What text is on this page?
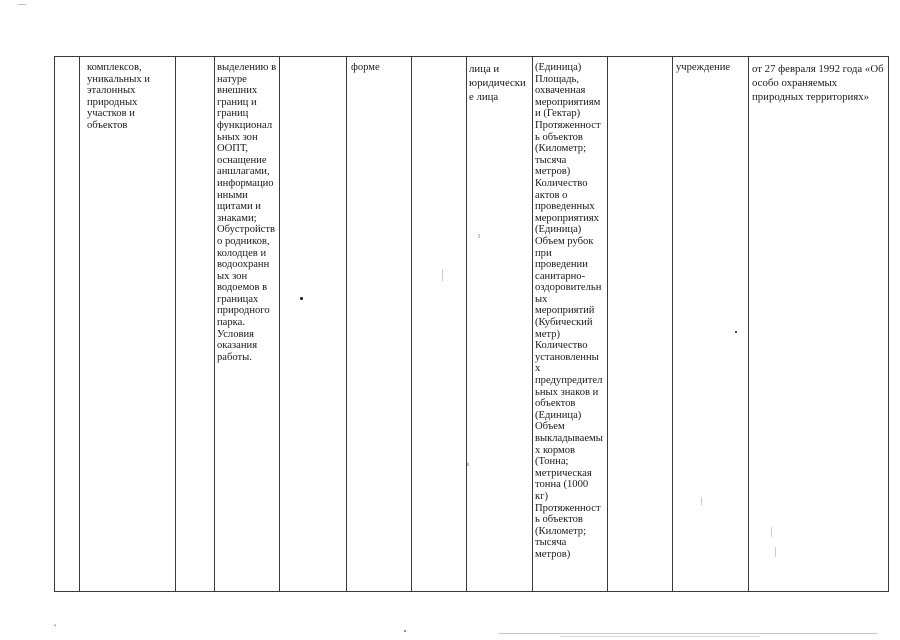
комплексов,
уникальных и
эталонных
природных
участков и
объектов
выделению в
натуре
внешних
границ и
границ
функционал
ьных зон
ООПТ,
оснащение
аншлагами,
информацио
нными
щитами и
знаками;
Обустройств
о родников,
колодцев и
водоохранн
ых зон
водоемов в
границах
природного
парка.
Условия
оказания
работы.
форме	лица и
юридически
е лица
(Единица)
Площадь,
охваченная
мероприятиям
и (Гектар)
Протяженност
ь объектов
(Километр;
тысяча
метров)
Количество
актов о
проведенных
мероприятиях
(Единица)
Объем рубок
при
проведении
санитарно-
оздоровительн
ых
мероприятий
(Кубический
метр)
Количество
установленны
х
предупредител
ьных знаков и
объектов
(Единица)
Объем
выкладываемы
х кормов
(Тонна;
метрическая
тонна (1000
кг)
Протяженност
ь объектов
(Километр;
тысяча
метров)
учреждение	от 27 февраля 1992 года «Об особо охраняемых природных территориях»
ˀ
ʱ
‵
